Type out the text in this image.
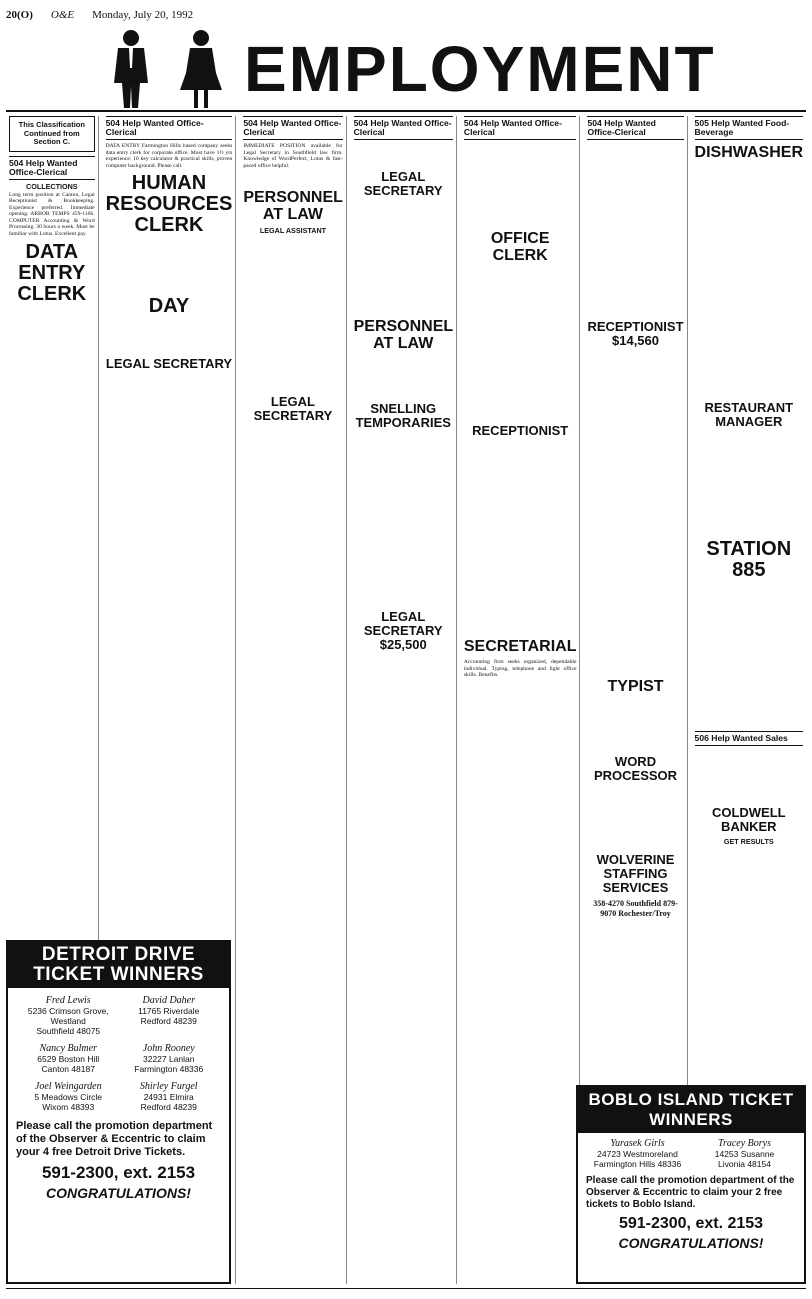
20(O) O&E Monday, July 20, 1992
EMPLOYMENT
This Classification Continued from Section C.
504 Help Wanted Office-Clerical
COLLECTIONS

Long term position at Canton, Legal Receptionist & Bookkeeping. Experience preferred. Immediate opening. ARBOR TEMPS 459-1166. COMPUTER Accounting & Word Processing. 30 hours a week. Must be familiar with Lotus. Excellent pay.

DATA ENTRY CLERK
504 Help Wanted Office-Clerical

DATA ENTRY Farmington Hills based company seeks data entry clerk for corporate office. Must have 1½ yrs experience. 10 key calculator & practical skills, proven computer background. Please call.

HUMAN RESOURCES CLERK
DAY
LEGAL SECRETARY
504 Help Wanted Office-Clerical

IMMEDIATE POSITION available for Legal Secretary in Southfield law firm. Knowledge of WordPerfect, Lotus & fast-paced office helpful.

PERSONNEL AT LAW
LEGAL ASSISTANT
LEGAL SECRETARY
504 Help Wanted Office-Clerical
LEGAL SECRETARY
PERSONNEL AT LAW
SNELLING TEMPORARIES
LEGAL SECRETARY $25,500
504 Help Wanted Office-Clerical
OFFICE CLERK
RECEPTIONIST
SECRETARIAL

Accounting firm seeks organized, dependable individual. Typing, telephone and light office skills. Benefits.

504 Help Wanted Office-Clerical
RECEPTIONIST $14,560
TYPIST
WORD PROCESSOR
WOLVERINE STAFFING SERVICES

358-4270 Southfield 879-9070 Rochester/Troy

505 Help Wanted Food-Beverage
DISHWASHER
RESTAURANT MANAGER
STATION 885
506 Help Wanted Sales
COLDWELL BANKER
GET RESULTS
DETROIT DRIVE TICKET WINNERS
Fred Lewis
5236 Crimson Grove, Westland
Southfield 48075
David Daher
11765 Riverdale
Redford 48239
Nancy Bulmer
6529 Boston Hill
Canton 48187
John Rooney
32227 Lanlan
Farmington 48336
Joel Weingarden
5 Meadows Circle
Wixom 48393
Shirley Furgel
24931 Elmira
Redford 48239
Please call the promotion department of the Observer & Eccentric to claim your 4 free Detroit Drive Tickets.
591-2300, ext. 2153
CONGRATULATIONS!
BOBLO ISLAND TICKET WINNERS
Yurasek Girls
24723 Westmoreland
Farmington Hills 48336
Tracey Borys
14253 Susanne
Livonia 48154
Please call the promotion department of the Observer & Eccentric to claim your 2 free tickets to Boblo Island.
591-2300, ext. 2153
CONGRATULATIONS!
